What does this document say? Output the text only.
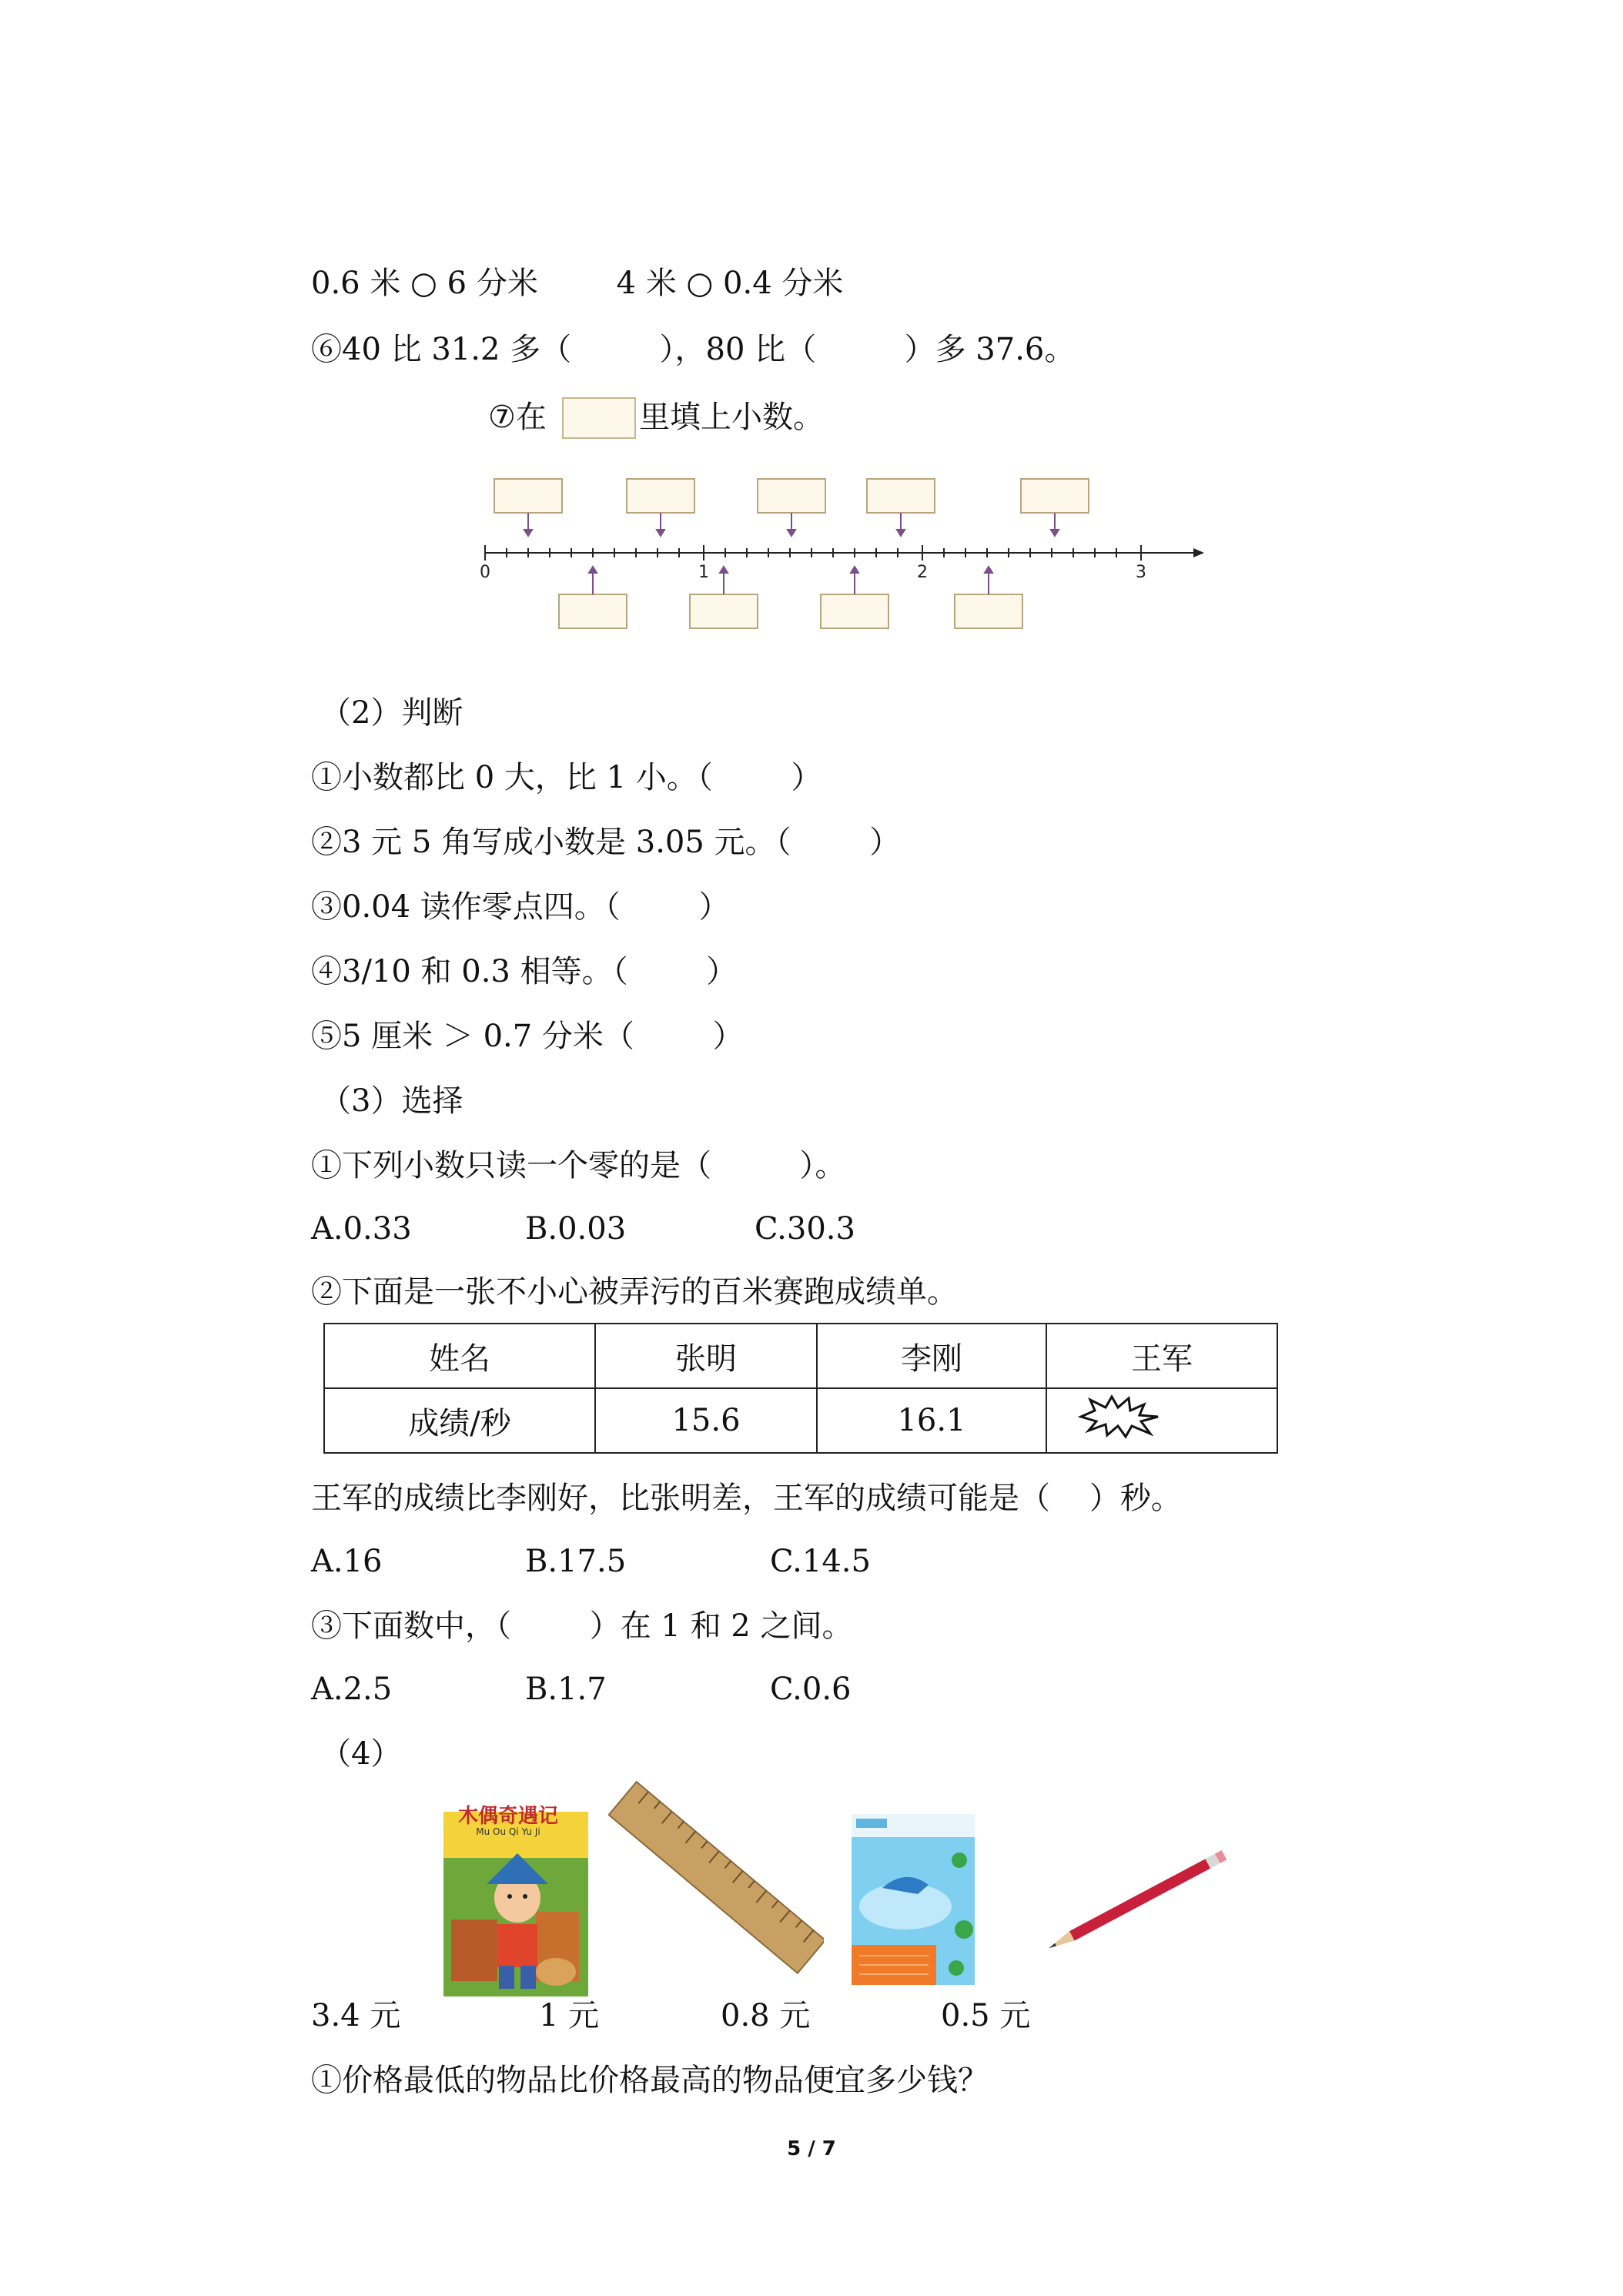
0.6 米 ○ 6 分米        4 米 ○ 0.4 分米
⑥40 比 31.2 多（         ），80 比（         ）多 37.6。
⑦在	里填上小数。
0	1	2	3
（2）判断
①小数都比 0 大，比 1 小。（        ）
②3 元 5 角写成小数是 3.05 元。（        ）
③0.04 读作零点四。（        ）
④3/10 和 0.3 相等。（        ）
⑤5 厘米 ＞ 0.7 分米（        ）
（3）选择
①下列小数只读一个零的是（         ）。
A.0.33	B.0.03	C.30.3
②下面是一张不小心被弄污的百米赛跑成绩单。
姓名	张明	李刚	王军
成绩/秒	15.6	16.1	
王军的成绩比李刚好，比张明差，王军的成绩可能是（    ）秒。
A.16	B.17.5	C.14.5
③下面数中，（        ）在 1 和 2 之间。
A.2.5	B.1.7	C.0.6
（4）

木偶奇遇记

Mu Ou Qi Yu Ji

3.4 元	1 元	0.8 元	0.5 元
①价格最低的物品比价格最高的物品便宜多少钱？
5 / 7
